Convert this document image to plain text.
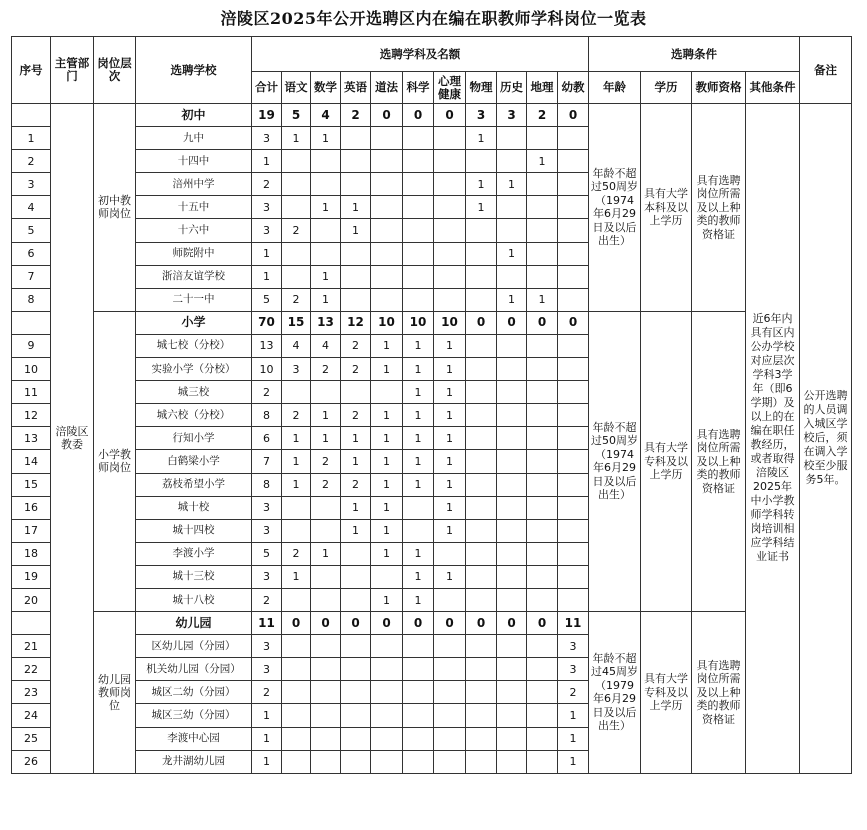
涪陵区2025年公开选聘区内在编在职教师学科岗位一览表
序号	主管部门	岗位层次	选聘学校	选聘学科及名额											选聘条件				备注
				合计	语文	数学	英语	道法	科学	心理健康	物理	历史	地理	幼教	年龄	学历	教师资格	其他条件	
	涪陵区教委	初中教师岗位	初中	19	5	4	2	0	0	0	3	3	2	0	年龄不超过50周岁（1974年6月29日及以后出生）	具有大学本科及以上学历	具有选聘岗位所需及以上种类的教师资格证	近6年内具有区内公办学校对应层次学科3学年（即6学期）及以上的在编在职任教经历，或者取得涪陵区2025年中小学教师学科转岗培训相应学科结业证书	公开选聘的人员调入城区学校后，须在调入学校至少服务5年。
1			九中	3	1	1					1								
2			十四中	1									1						
3			涪州中学	2							1	1							
4			十五中	3		1	1				1								
5			十六中	3	2		1												
6			师院附中	1								1							
7			浙涪友谊学校	1		1													
8			二十一中	5	2	1						1	1						
		小学教师岗位	小学	70	15	13	12	10	10	10	0	0	0	0	年龄不超过50周岁（1974年6月29日及以后出生）	具有大学专科及以上学历	具有选聘岗位所需及以上种类的教师资格证		
9			城七校（分校）	13	4	4	2	1	1	1									
10			实验小学（分校）	10	3	2	2	1	1	1									
11			城三校	2					1	1									
12			城六校（分校）	8	2	1	2	1	1	1									
13			行知小学	6	1	1	1	1	1	1									
14			白鹤梁小学	7	1	2	1	1	1	1									
15			荔枝希望小学	8	1	2	2	1	1	1									
16			城十校	3			1	1		1									
17			城十四校	3			1	1		1									
18			李渡小学	5	2	1		1	1										
19			城十三校	3	1				1	1									
20			城十八校	2				1	1										
		幼儿园教师岗位	幼儿园	11	0	0	0	0	0	0	0	0	0	11	年龄不超过45周岁（1979年6月29日及以后出生）	具有大学专科及以上学历	具有选聘岗位所需及以上种类的教师资格证		
21			区幼儿园（分园）	3										3					
22			机关幼儿园（分园）	3										3					
23			城区二幼（分园）	2										2					
24			城区三幼（分园）	1										1					
25			李渡中心园	1										1					
26			龙井湖幼儿园	1										1					
